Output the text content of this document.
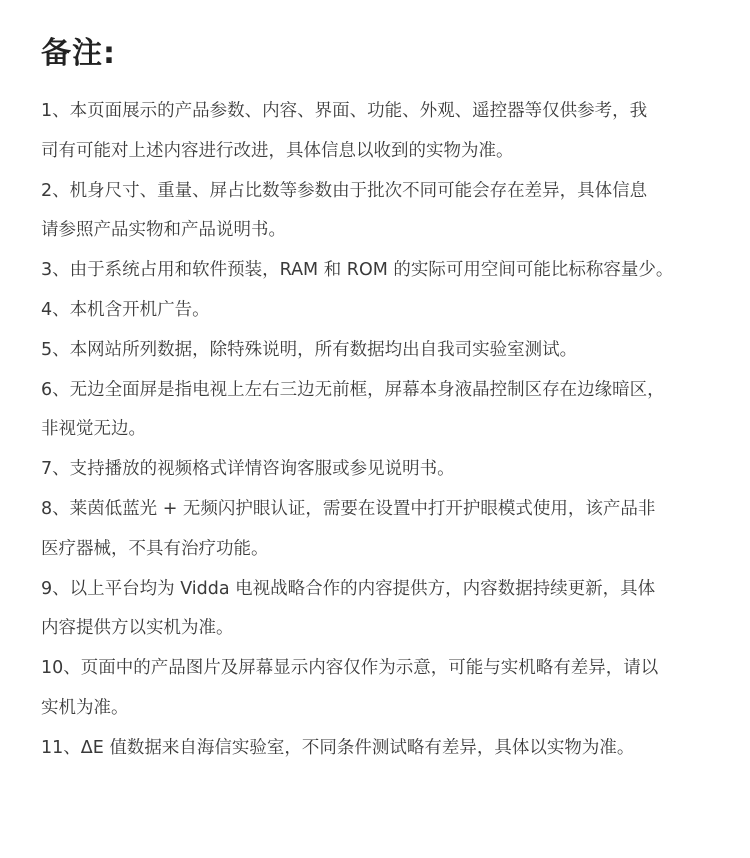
备注:

1、本页面展示的产品参数、内容、界面、功能、外观、遥控器等仅供参考，我

司有可能对上述内容进行改进，具体信息以收到的实物为准。

2、机身尺寸、重量、屏占比数等参数由于批次不同可能会存在差异，具体信息

请参照产品实物和产品说明书。

3、由于系统占用和软件预装，RAM 和 ROM 的实际可用空间可能比标称容量少。

4、本机含开机广告。

5、本网站所列数据，除特殊说明，所有数据均出自我司实验室测试。

6、无边全面屏是指电视上左右三边无前框，屏幕本身液晶控制区存在边缘暗区，

非视觉无边。

7、支持播放的视频格式详情咨询客服或参见说明书。

8、莱茵低蓝光 + 无频闪护眼认证，需要在设置中打开护眼模式使用，该产品非

医疗器械，不具有治疗功能。

9、以上平台均为 Vidda 电视战略合作的内容提供方，内容数据持续更新，具体

内容提供方以实机为准。

10、页面中的产品图片及屏幕显示内容仅作为示意，可能与实机略有差异，请以

实机为准。

11、ΔE 值数据来自海信实验室，不同条件测试略有差异，具体以实物为准。
